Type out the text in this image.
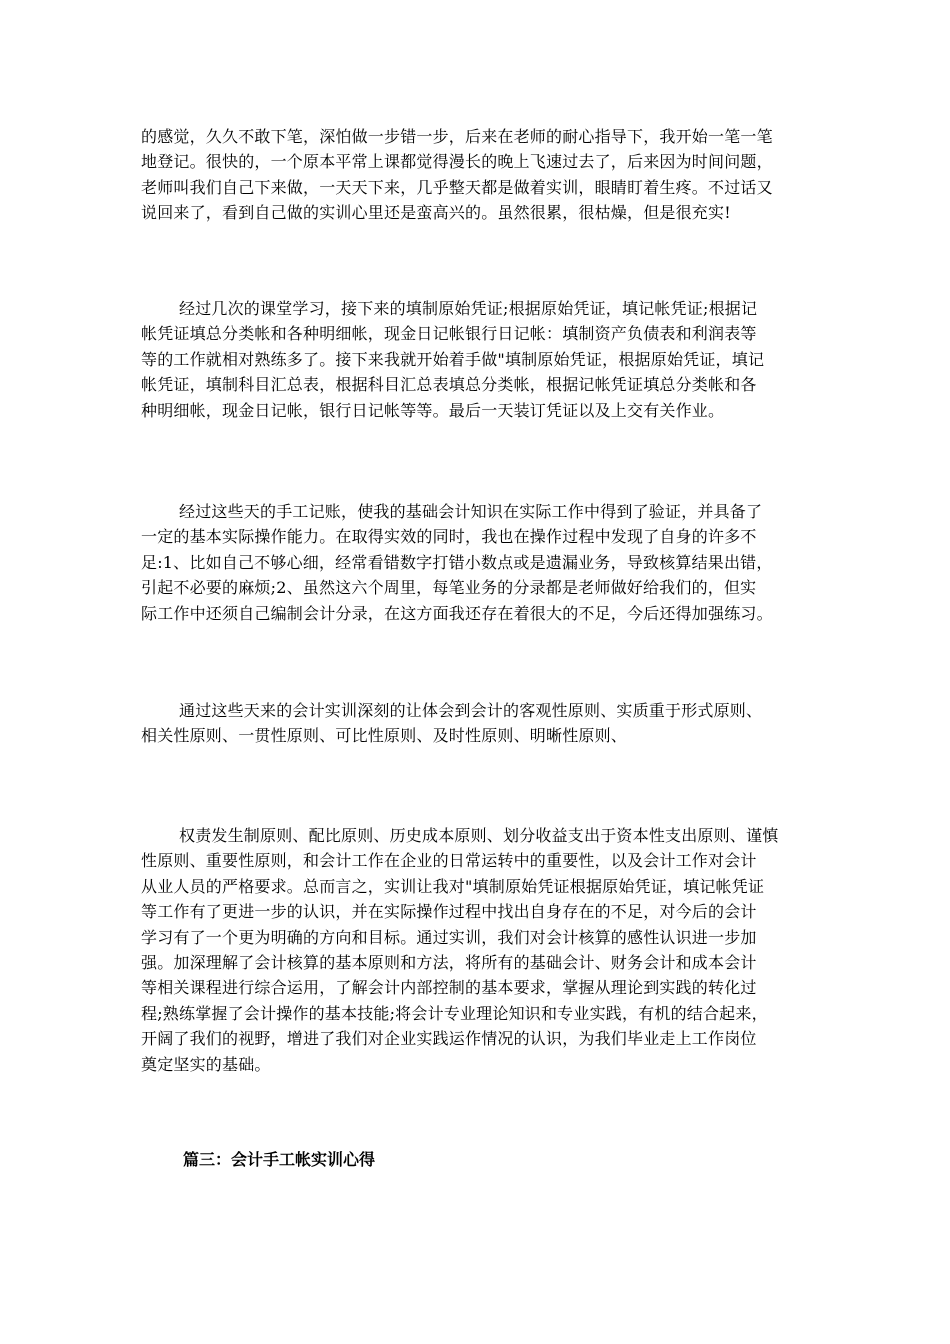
的感觉，久久不敢下笔，深怕做一步错一步，后来在老师的耐心指导下，我开始一笔一笔
地登记。很快的，一个原本平常上课都觉得漫长的晚上飞速过去了，后来因为时间问题，
老师叫我们自己下来做，一天天下来，几乎整天都是做着实训，眼睛盯着生疼。不过话又
说回来了，看到自己做的实训心里还是蛮高兴的。虽然很累，很枯燥，但是很充实!
经过几次的课堂学习，接下来的填制原始凭证;根据原始凭证，填记帐凭证;根据记
帐凭证填总分类帐和各种明细帐，现金日记帐银行日记帐：填制资产负债表和利润表等
等的工作就相对熟练多了。接下来我就开始着手做"填制原始凭证，根据原始凭证，填记
帐凭证，填制科目汇总表，根据科目汇总表填总分类帐，根据记帐凭证填总分类帐和各
种明细帐，现金日记帐，银行日记帐等等。最后一天装订凭证以及上交有关作业。
经过这些天的手工记账，使我的基础会计知识在实际工作中得到了验证，并具备了
一定的基本实际操作能力。在取得实效的同时，我也在操作过程中发现了自身的许多不
足:1、比如自己不够心细，经常看错数字打错小数点或是遗漏业务，导致核算结果出错，
引起不必要的麻烦;2、虽然这六个周里，每笔业务的分录都是老师做好给我们的，但实
际工作中还须自己编制会计分录，在这方面我还存在着很大的不足，今后还得加强练习。
通过这些天来的会计实训深刻的让体会到会计的客观性原则、实质重于形式原则、
相关性原则、一贯性原则、可比性原则、及时性原则、明晰性原则、
权责发生制原则、配比原则、历史成本原则、划分收益支出于资本性支出原则、谨慎
性原则、重要性原则，和会计工作在企业的日常运转中的重要性，以及会计工作对会计
从业人员的严格要求。总而言之，实训让我对"填制原始凭证根据原始凭证，填记帐凭证
等工作有了更进一步的认识，并在实际操作过程中找出自身存在的不足，对今后的会计
学习有了一个更为明确的方向和目标。通过实训，我们对会计核算的感性认识进一步加
强。加深理解了会计核算的基本原则和方法，将所有的基础会计、财务会计和成本会计
等相关课程进行综合运用，了解会计内部控制的基本要求，掌握从理论到实践的转化过
程;熟练掌握了会计操作的基本技能;将会计专业理论知识和专业实践，有机的结合起来，
开阔了我们的视野，增进了我们对企业实践运作情况的认识，为我们毕业走上工作岗位
奠定坚实的基础。
篇三：会计手工帐实训心得
